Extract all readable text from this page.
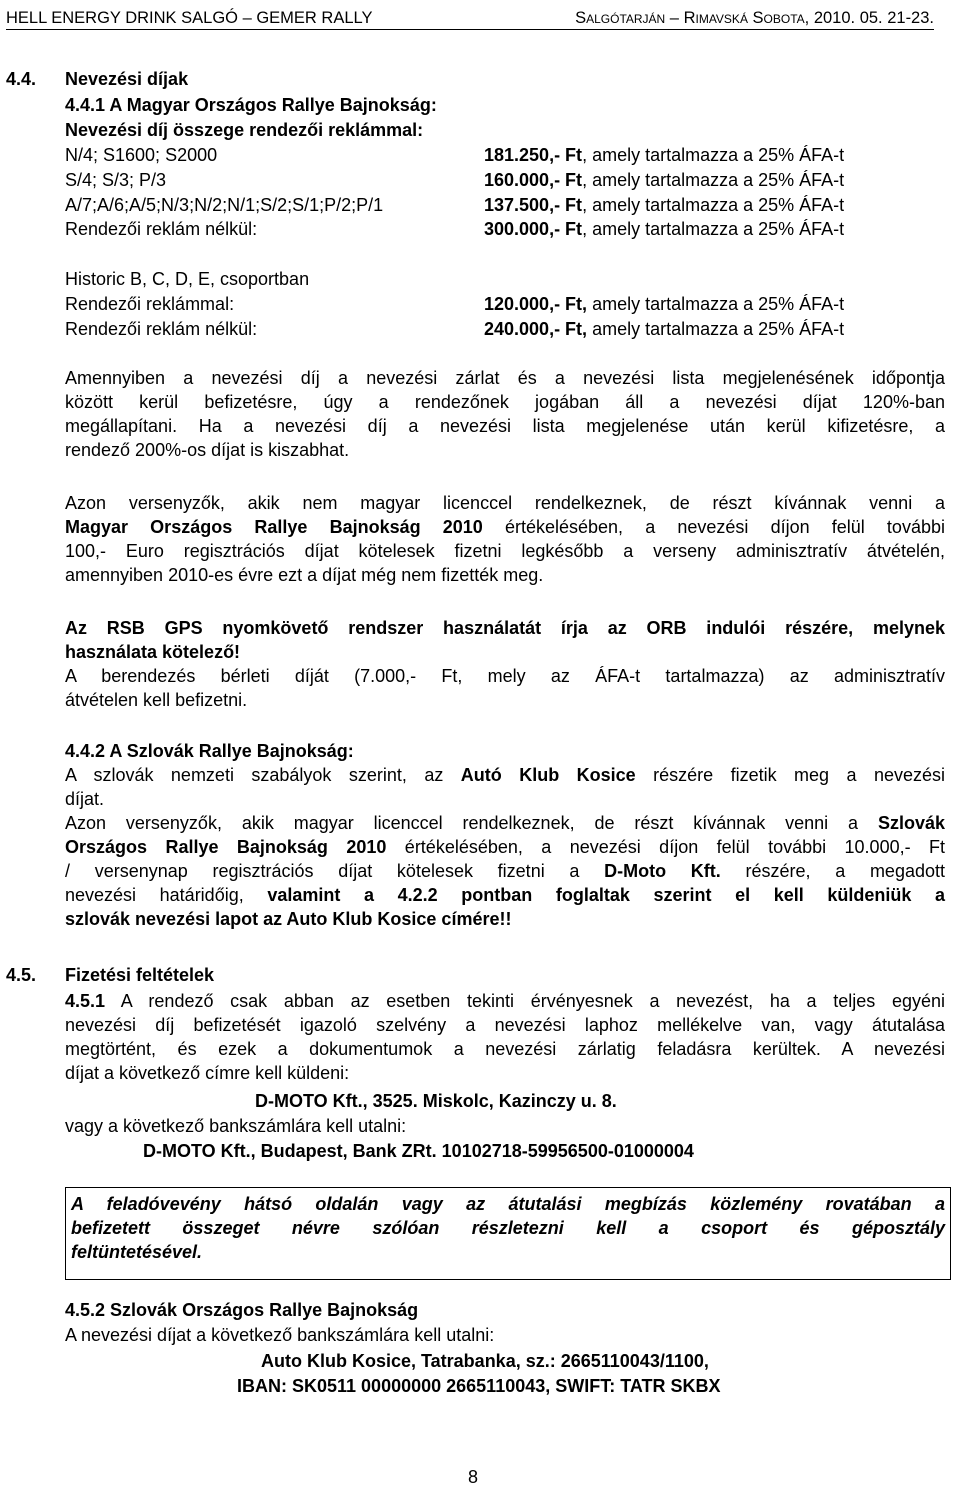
HELL ENERGY DRINK SALGÓ – GEMER RALLY	Salgótarján – Rimavská Sobota, 2010. 05. 21-23.
4.4. Nevezési díjak
4.4.1 A Magyar Országos Rallye Bajnokság:
Nevezési díj összege rendezői reklámmal:
N/4; S1600; S2000	181.250,- Ft, amely tartalmazza a 25% ÁFA-t
S/4; S/3; P/3	160.000,- Ft, amely tartalmazza a 25% ÁFA-t
A/7;A/6;A/5;N/3;N/2;N/1;S/2;S/1;P/2;P/1	137.500,- Ft, amely tartalmazza a 25% ÁFA-t
Rendezői reklám nélkül:	300.000,- Ft, amely tartalmazza a 25% ÁFA-t
Historic B, C, D, E, csoportban
Rendezői reklámmal:	120.000,- Ft, amely tartalmazza a 25% ÁFA-t
Rendezői reklám nélkül:	240.000,- Ft, amely tartalmazza a 25% ÁFA-t
Amennyiben a nevezési díj a nevezési zárlat és a nevezési lista megjelenésének időpontja
között kerül befizetésre, úgy a rendezőnek jogában áll a nevezési díjat 120%-ban
megállapítani. Ha a nevezési díj a nevezési lista megjelenése után kerül kifizetésre, a
rendező 200%-os díjat is kiszabhat.
Azon versenyzők, akik nem magyar licenccel rendelkeznek, de részt kívánnak venni a
Magyar Országos Rallye Bajnokság 2010 értékelésében, a nevezési díjon felül további
100,- Euro regisztrációs díjat kötelesek fizetni legkésőbb a verseny adminisztratív átvételén,
amennyiben 2010-es évre ezt a díjat még nem fizették meg.
Az RSB GPS nyomkövető rendszer használatát írja az ORB indulói részére, melynek
használata kötelező!
A berendezés bérleti díját (7.000,- Ft, mely az ÁFA-t tartalmazza) az adminisztratív
átvételen kell befizetni.
4.4.2 A Szlovák Rallye Bajnokság:
A szlovák nemzeti szabályok szerint, az Autó Klub Kosice részére fizetik meg a nevezési
díjat.
Azon versenyzők, akik magyar licenccel rendelkeznek, de részt kívánnak venni a Szlovák
Országos Rallye Bajnokság 2010 értékelésében, a nevezési díjon felül további 10.000,- Ft
/ versenynap regisztrációs díjat kötelesek fizetni a D-Moto Kft. részére, a megadott
nevezési határidőig, valamint a 4.2.2 pontban foglaltak szerint el kell küldeniük a
szlovák nevezési lapot az Auto Klub Kosice címére!!
4.5. Fizetési feltételek
4.5.1 A rendező csak abban az esetben tekinti érvényesnek a nevezést, ha a teljes egyéni
nevezési díj befizetését igazoló szelvény a nevezési laphoz mellékelve van, vagy átutalása
megtörtént, és ezek a dokumentumok a nevezési zárlatig feladásra kerültek. A nevezési
díjat a következő címre kell küldeni:
D-MOTO Kft., 3525. Miskolc, Kazinczy u. 8.
vagy a következő bankszámlára kell utalni:
D-MOTO Kft., Budapest, Bank ZRt. 10102718-59956500-01000004
A feladóvevény hátsó oldalán vagy az átutalási megbízás közlemény rovatában a
befizetett összeget névre szólóan részletezni kell a csoport és géposztály
feltüntetésével.
4.5.2 Szlovák Országos Rallye Bajnokság
A nevezési díjat a következő bankszámlára kell utalni:
Auto Klub Kosice, Tatrabanka, sz.: 2665110043/1100,
IBAN: SK0511 00000000 2665110043, SWIFT: TATR SKBX
8
